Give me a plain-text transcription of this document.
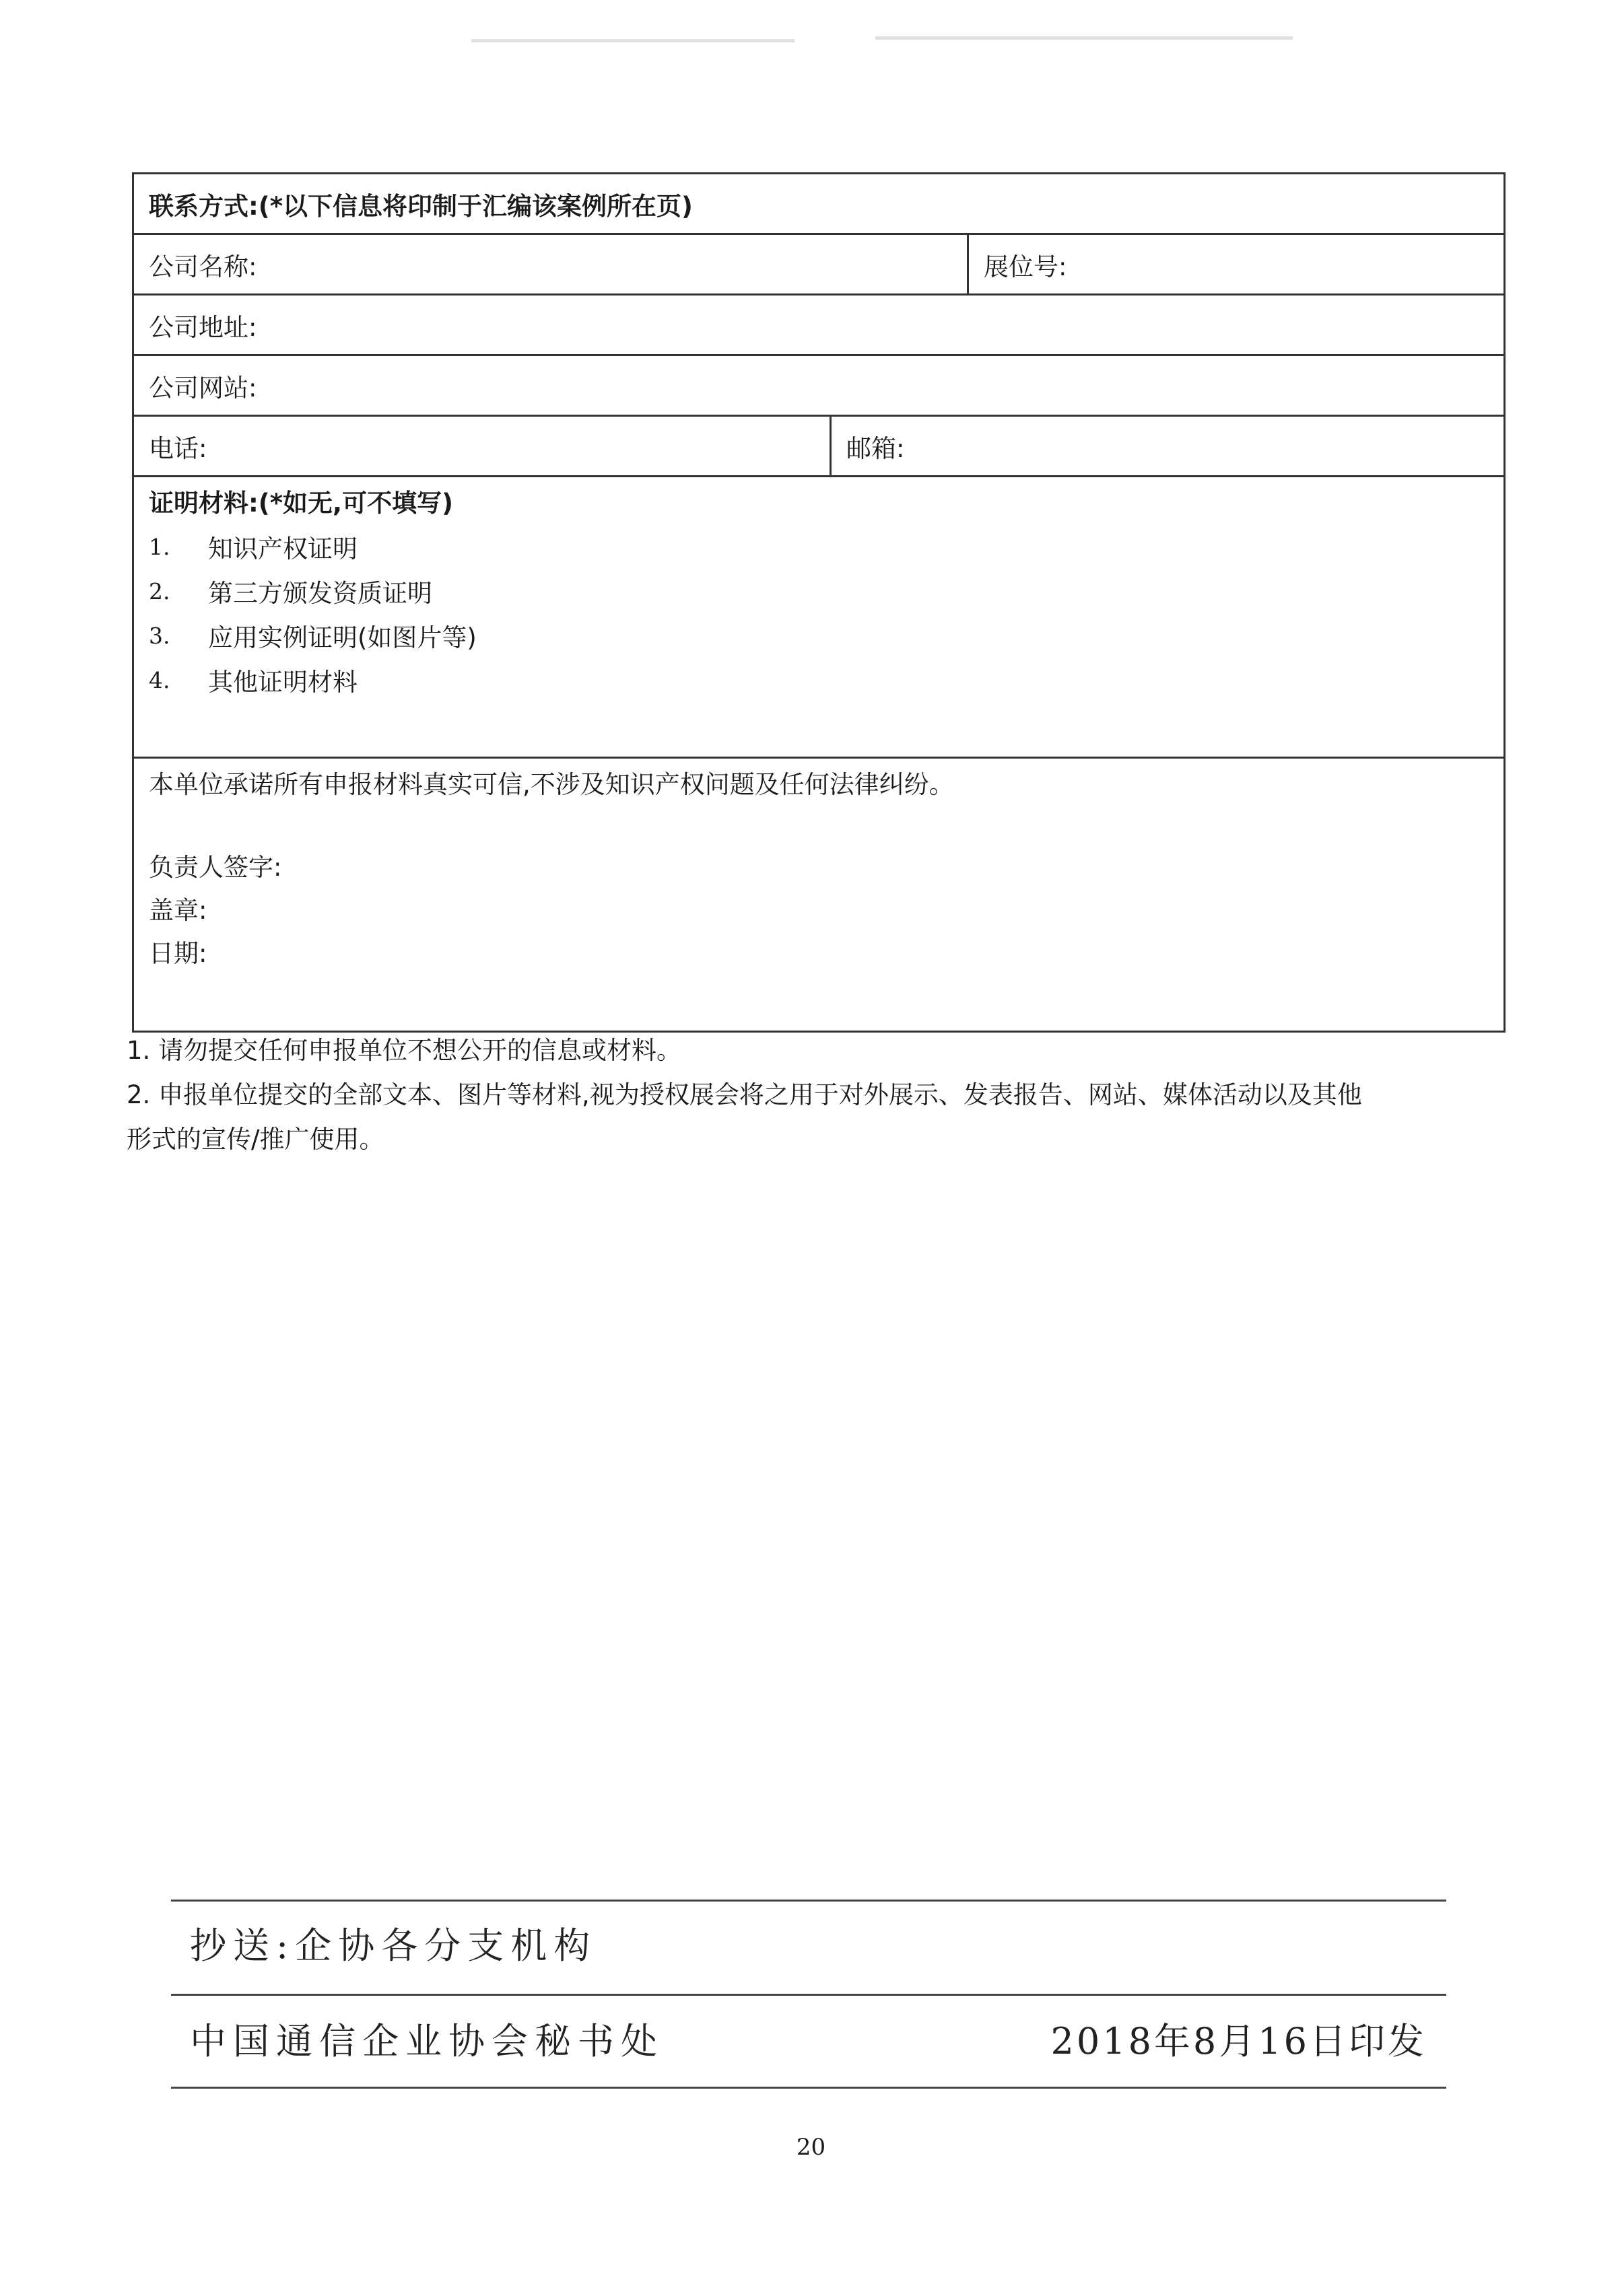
联系方式:(*以下信息将印制于汇编该案例所在页)
公司名称:	展位号:
公司地址:
公司网站:
电话:	邮箱:
证明材料:(*如无,可不填写)
1.	知识产权证明
2.	第三方颁发资质证明
3.	应用实例证明(如图片等)
4.	其他证明材料
本单位承诺所有申报材料真实可信,不涉及知识产权问题及任何法律纠纷。
负责人签字:
盖章:
日期:
1. 请勿提交任何申报单位不想公开的信息或材料。
2. 申报单位提交的全部文本、图片等材料,视为授权展会将之用于对外展示、发表报告、网站、媒体活动以及其他
形式的宣传/推广使用。
抄送:企协各分支机构
中国通信企业协会秘书处	2018年8月16日印发
20
